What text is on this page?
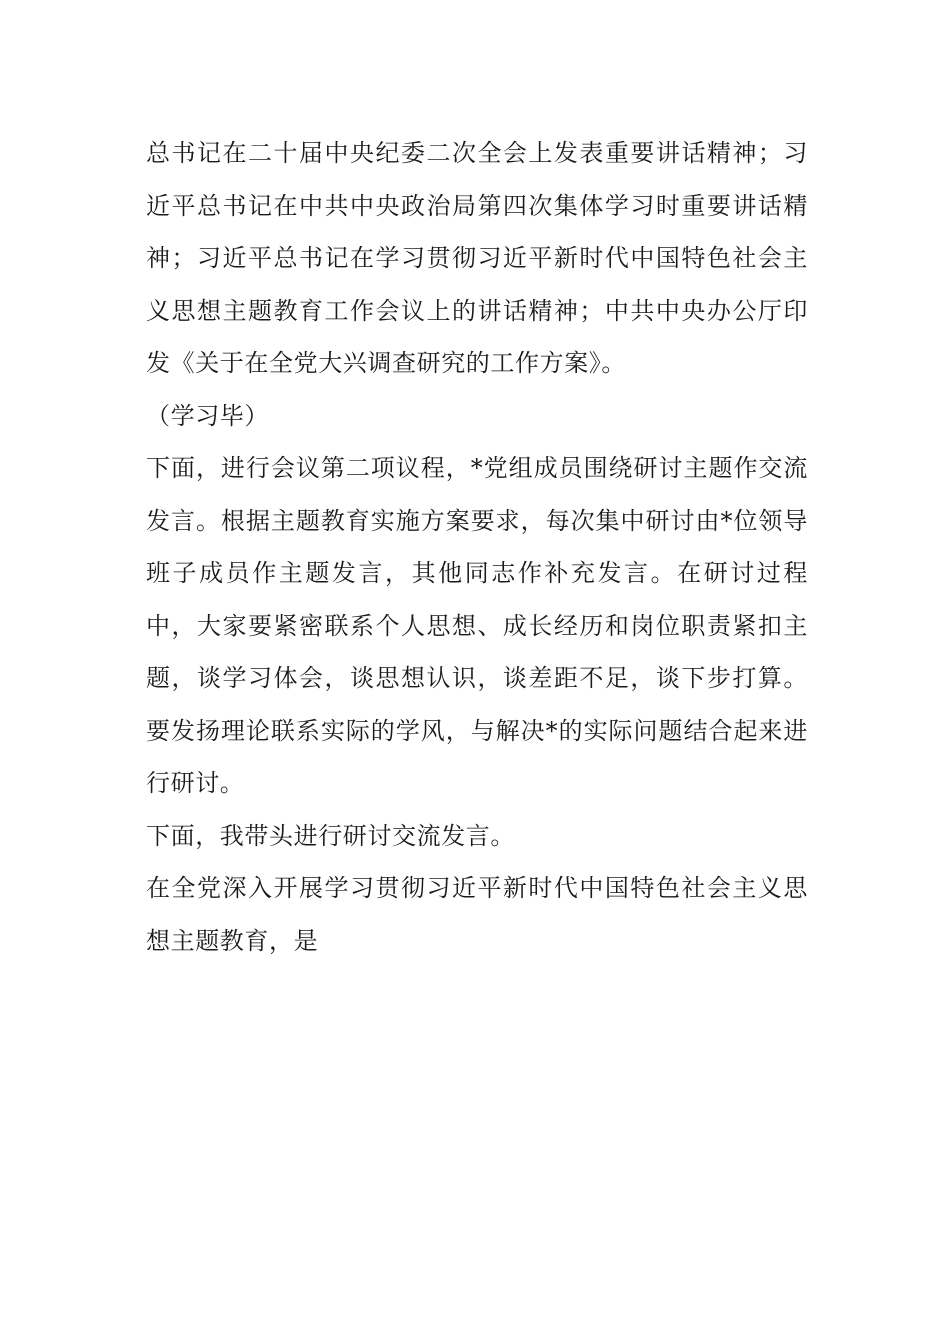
总书记在二十届中央纪委二次全会上发表重要讲话精神；习近平总书记在中共中央政治局第四次集体学习时重要讲话精神；习近平总书记在学习贯彻习近平新时代中国特色社会主义思想主题教育工作会议上的讲话精神；中共中央办公厅印发《关于在全党大兴调查研究的工作方案》。

（学习毕）

下面，进行会议第二项议程，*党组成员围绕研讨主题作交流发言。根据主题教育实施方案要求，每次集中研讨由*位领导班子成员作主题发言，其他同志作补充发言。在研讨过程中，大家要紧密联系个人思想、成长经历和岗位职责紧扣主题，谈学习体会，谈思想认识，谈差距不足，谈下步打算。要发扬理论联系实际的学风，与解决*的实际问题结合起来进行研讨。

下面，我带头进行研讨交流发言。

在全党深入开展学习贯彻习近平新时代中国特色社会主义思想主题教育，是
